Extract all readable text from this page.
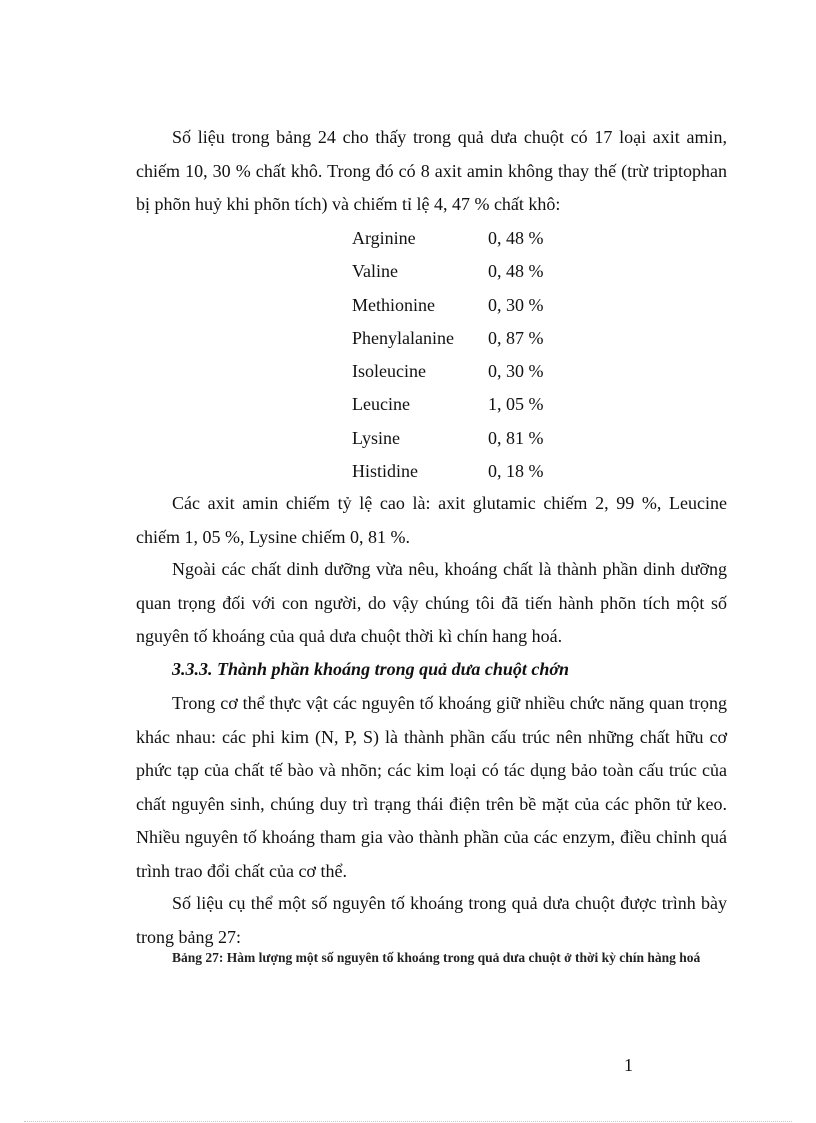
Số liệu trong bảng 24 cho thấy trong quả dưa chuột có 17 loại axit amin, chiếm 10, 30 % chất khô. Trong đó có 8 axit amin không thay thế (trừ triptophan bị phõn huỷ khi phõn tích) và chiếm tỉ lệ 4, 47 % chất khô:

Arginine	0, 48 %
Valine	0, 48 %
Methionine	0, 30 %
Phenylalanine 0, 87 %
Isoleucine	0, 30 %
Leucine	1, 05 %
Lysine	0, 81 %
Histidine	0, 18 %

Các axit amin chiếm tỷ lệ cao là: axit glutamic chiếm 2, 99 %, Leucine chiếm 1, 05 %, Lysine chiếm 0, 81 %.

Ngoài các chất dinh dưỡng vừa nêu, khoáng chất là thành phần dinh dưỡng quan trọng đối với con người, do vậy chúng tôi đã tiến hành phõn tích một số nguyên tố khoáng của quả dưa chuột thời kì chín hang hoá.

3.3.3. Thành phần khoáng trong quả dưa chuột chớn

Trong cơ thể thực vật các nguyên tố khoáng giữ nhiều chức năng quan trọng khác nhau: các phi kim (N, P, S) là thành phần cấu trúc nên những chất hữu cơ phức tạp của chất tế bào và nhõn; các kim loại có tác dụng bảo toàn cấu trúc của chất nguyên sinh, chúng duy trì trạng thái điện trên bề mặt của các phõn tử keo. Nhiều nguyên tố khoáng tham gia vào thành phần của các enzym, điều chỉnh quá trình trao đổi chất của cơ thể.

Số liệu cụ thể một số nguyên tố khoáng trong quả dưa chuột được trình bày trong bảng 27:

Bảng 27: Hàm lượng một số nguyên tố khoáng trong quả dưa chuột ở thời kỳ chín hàng hoá

1
